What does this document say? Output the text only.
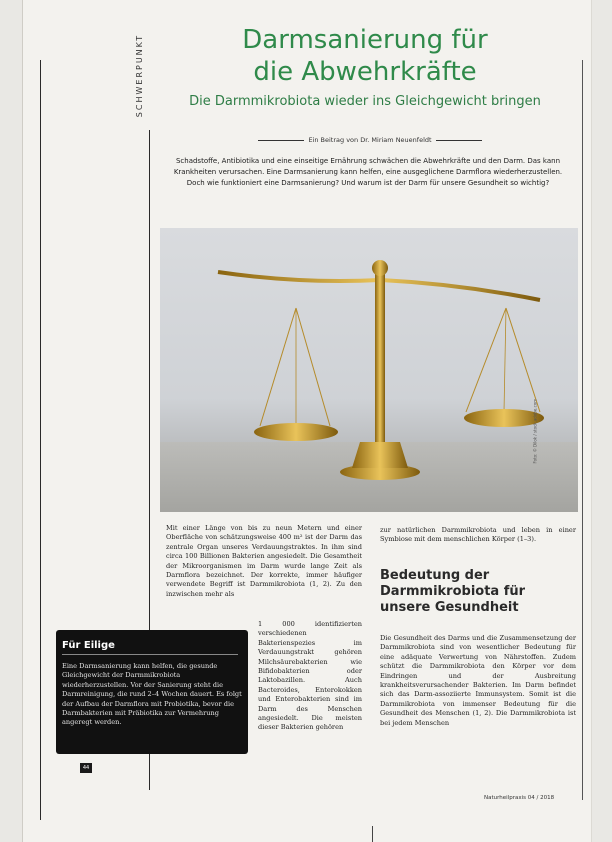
SCHWERPUNKT	Darmsanierung für
die Abwehrkräfte
Die Darmmikrobiota wieder ins Gleichgewicht bringen
Ein Beitrag von Dr. Miriam Neuenfeldt
Schadstoffe, Antibiotika und eine einseitige Ernährung schwächen die Abwehrkräfte und den Darm. Das kann Krankheiten verursachen. Eine Darmsanierung kann helfen, eine ausgeglichene Darmflora wiederherzustellen. Doch wie funktioniert eine Darmsanierung? Und warum ist der Darm für unsere Gesundheit so wichtig?
Mit einer Länge von bis zu neun Metern und einer Oberfläche von schätzungsweise 400 m² ist der Darm das zentrale Organ unseres Verdauungstraktes. In ihm sind circa 100 Billionen Bakterien angesiedelt. Die Gesamtheit der Mikroorganismen im Darm wurde lange Zeit als Darmflora bezeichnet. Der korrekte, immer häufiger verwendete Begriff ist Darmmikrobiota (1, 2). Zu den inzwischen mehr als
1 000 identifizierten verschiedenen Bakterienspezies im Verdauungstrakt gehören Milchsäurebakterien wie Bifidobakterien oder Laktobazillen. Auch Bacteroides, Enterokokken und Enterobakterien sind im Darm des Menschen angesiedelt. Die meisten dieser Bakterien gehören
zur natürlichen Darmmikrobiota und leben in einer Symbiose mit dem menschlichen Körper (1–3).
Bedeutung der Darmmikrobiota für unsere Gesundheit
Die Gesundheit des Darms und die Zusammensetzung der Darmmikrobiota sind von wesentlicher Bedeutung für eine adäquate Verwertung von Nährstoffen. Zudem schützt die Darmmikrobiota den Körper vor dem Eindringen und der Ausbreitung krankheitsverursachender Bakterien. Im Darm befindet sich das Darm-assoziierte Immunsystem. Somit ist die Darmmikrobiota von immenser Bedeutung für die Gesundheit des Menschen (1, 2). Die Darmmikrobiota ist bei jedem Menschen
Für Eilige
Eine Darmsanierung kann helfen, die gesunde Gleichgewicht der Darmmikrobiota wiederherzustellen. Vor der Sanierung steht die Darmreinigung, die rund 2–4 Wochen dauert. Es folgt der Aufbau der Darmflora mit Probiotika, bevor die Darmbakterien mit Präbiotika zur Vermehrung angeregt werden.
44
Naturheilpraxis 04 / 2018
